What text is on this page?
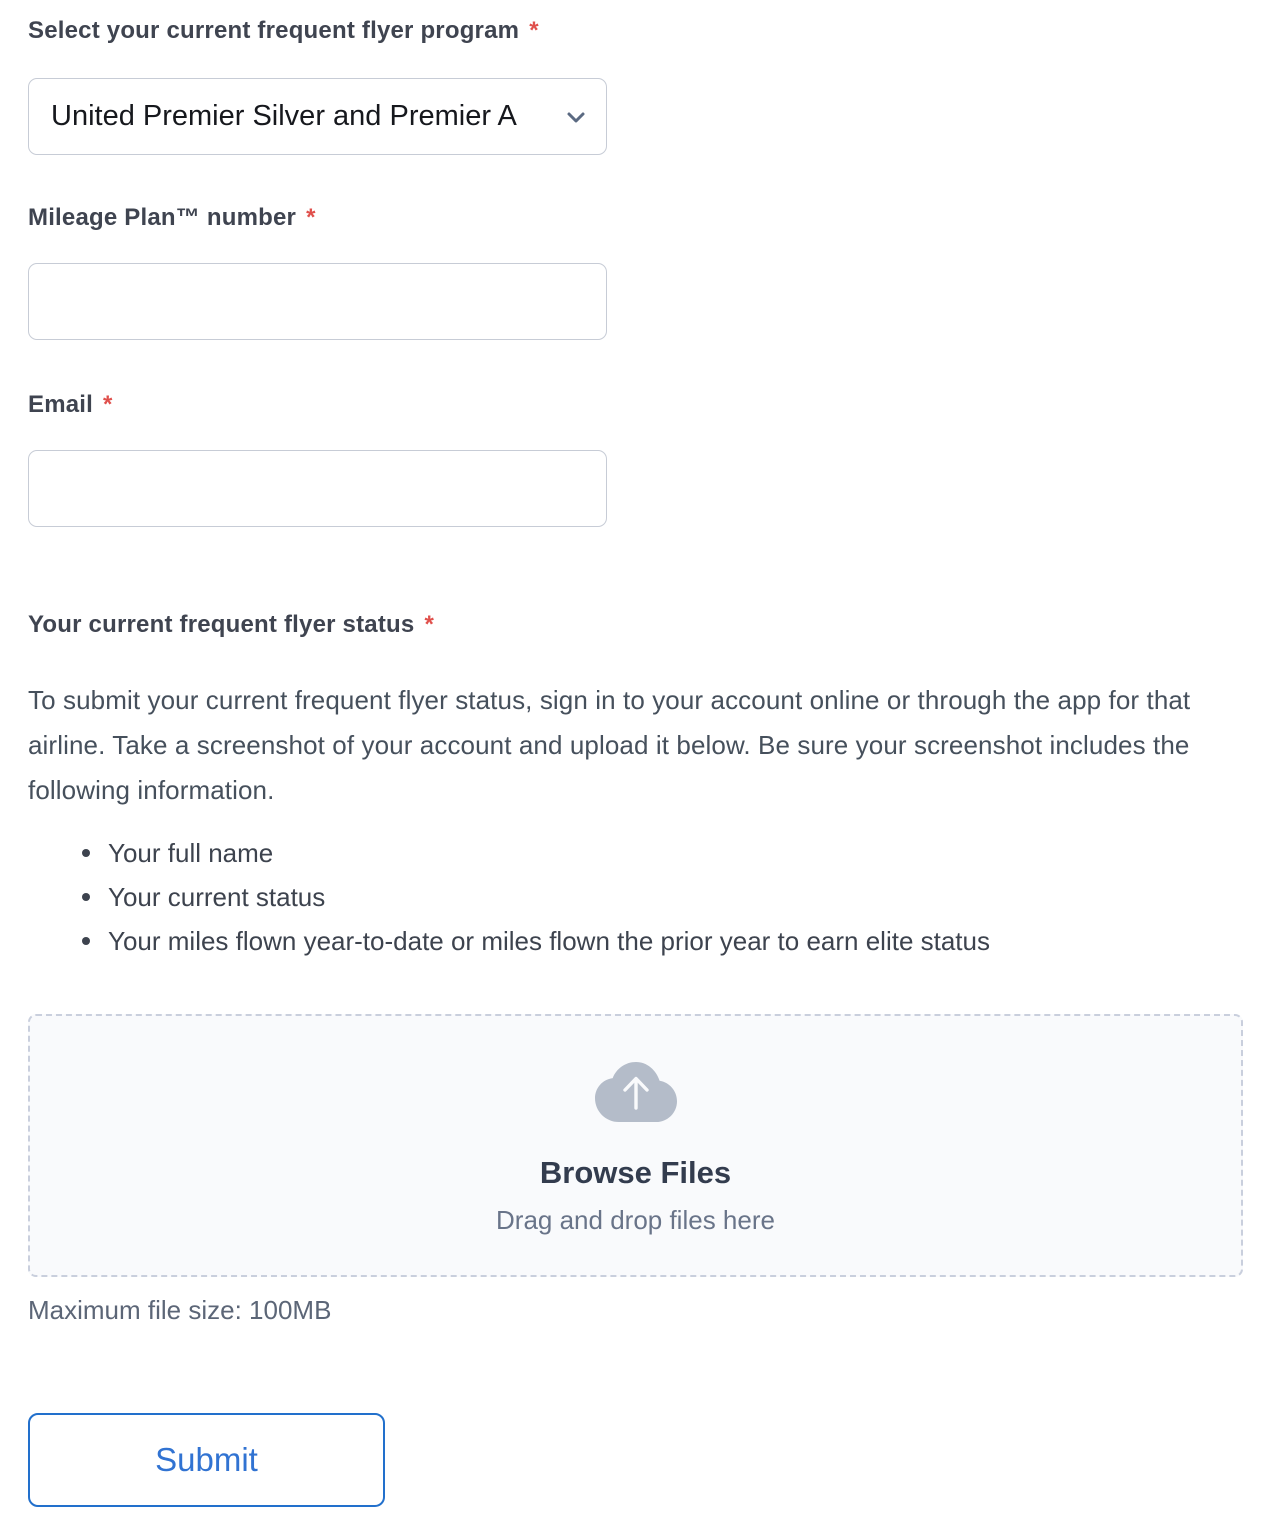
Select your current frequent flyer program *
United Premier Silver and Premier A
Mileage Plan™ number *
Email *
Your current frequent flyer status *

To submit your current frequent flyer status, sign in to your account online or through the app for that airline. Take a screenshot of your account and upload it below. Be sure your screenshot includes the following information.

Your full name
Your current status
Your miles flown year-to-date or miles flown the prior year to earn elite status
Browse Files
Drag and drop files here
Maximum file size: 100MB
Submit
